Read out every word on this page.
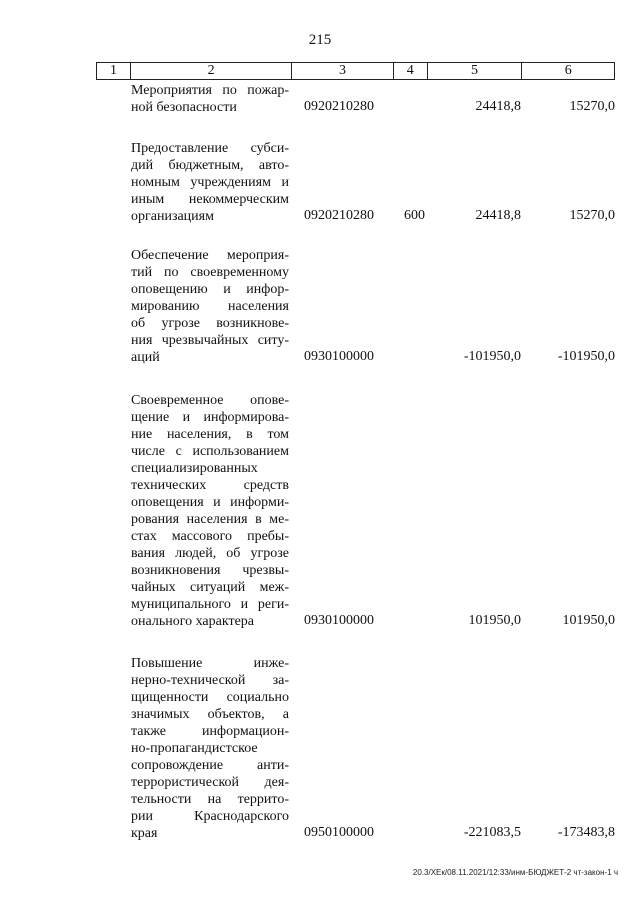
215
1	2	3	4	5	6
Мероприятия по пожар-
ной безопасности	0920210280	24418,8	15270,0
Предоставление субси-
дий бюджетным, авто-
номным учреждениям и
иным некоммерческим
организациям	0920210280 600	24418,8	15270,0
Обеспечение мероприя-
тий по своевременному
оповещению и инфор-
мированию населения
об угрозе возникнове-
ния чрезвычайных ситу-
аций	0930100000	-101950,0	-101950,0
Своевременное опове-
щение и информирова-
ние населения, в том
числе с использованием
специализированных
технических средств
оповещения и информи-
рования населения в ме-
стах массового пребы-
вания людей, об угрозе
возникновения чрезвы-
чайных ситуаций меж-
муниципального и реги-
онального характера	0930100000	101950,0	101950,0
Повышение инже-
нерно-технической за-
щищенности социально
значимых объектов, а
также информацион-
но-пропагандистское
сопровождение анти-
террористической дея-
тельности на террито-
рии Краснодарского
края	0950100000	-221083,5	-173483,8
20.3/ХЕк/08.11.2021/12:33/инм-БЮДЖЕТ-2 чт-закон-1 ч
